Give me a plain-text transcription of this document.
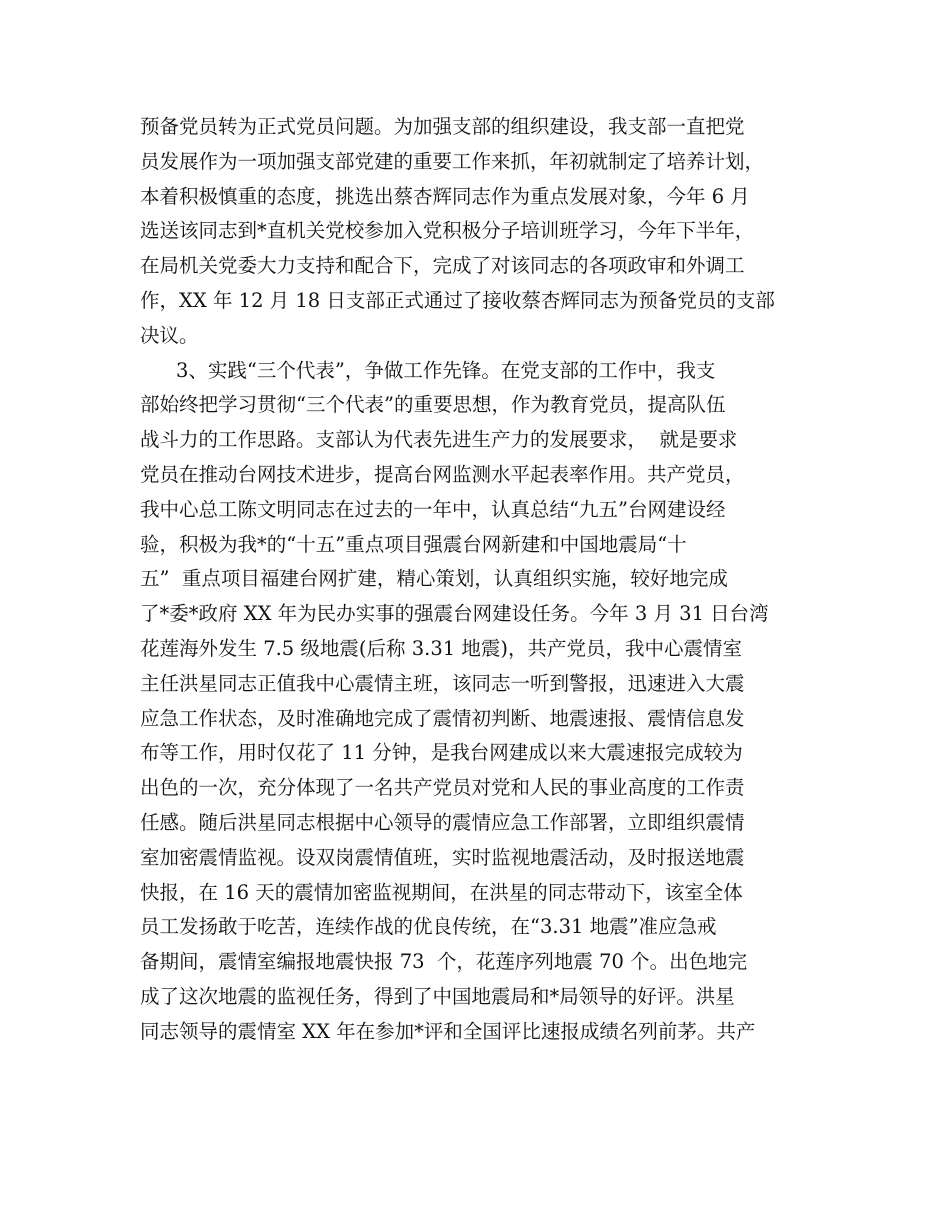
预备党员转为正式党员问题。为加强支部的组织建设，我支部一直把党
员发展作为一项加强支部党建的重要工作来抓，年初就制定了培养计划，
本着积极慎重的态度，挑选出蔡杏辉同志作为重点发展对象，今年 6 月
选送该同志到*直机关党校参加入党积极分子培训班学习，今年下半年，
在局机关党委大力支持和配合下，完成了对该同志的各项政审和外调工
作，XX 年 12 月 18 日支部正式通过了接收蔡杏辉同志为预备党员的支部
决议。
3、实践“三个代表”，争做工作先锋。在党支部的工作中，我支
部始终把学习贯彻“三个代表”的重要思想，作为教育党员，提高队伍
战斗力的工作思路。支部认为代表先进生产力的发展要求，  就是要求
党员在推动台网技术进步，提高台网监测水平起表率作用。共产党员，
我中心总工陈文明同志在过去的一年中，认真总结“九五”台网建设经
验，积极为我*的“十五”重点项目强震台网新建和中国地震局“十
五”  重点项目福建台网扩建，精心策划，认真组织实施，较好地完成
了*委*政府 XX 年为民办实事的强震台网建设任务。今年 3 月 31 日台湾
花莲海外发生 7.5 级地震(后称 3.31 地震)，共产党员，我中心震情室
主任洪星同志正值我中心震情主班，该同志一听到警报，迅速进入大震
应急工作状态，及时准确地完成了震情初判断、地震速报、震情信息发
布等工作，用时仅花了 11 分钟，是我台网建成以来大震速报完成较为
出色的一次，充分体现了一名共产党员对党和人民的事业高度的工作责
任感。随后洪星同志根据中心领导的震情应急工作部署，立即组织震情
室加密震情监视。设双岗震情值班，实时监视地震活动，及时报送地震
快报，在 16 天的震情加密监视期间，在洪星的同志带动下，该室全体
员工发扬敢于吃苦，连续作战的优良传统，在“3.31 地震”准应急戒
备期间，震情室编报地震快报 73  个，花莲序列地震 70 个。出色地完
成了这次地震的监视任务，得到了中国地震局和*局领导的好评。洪星
同志领导的震情室 XX 年在参加*评和全国评比速报成绩名列前茅。共产
